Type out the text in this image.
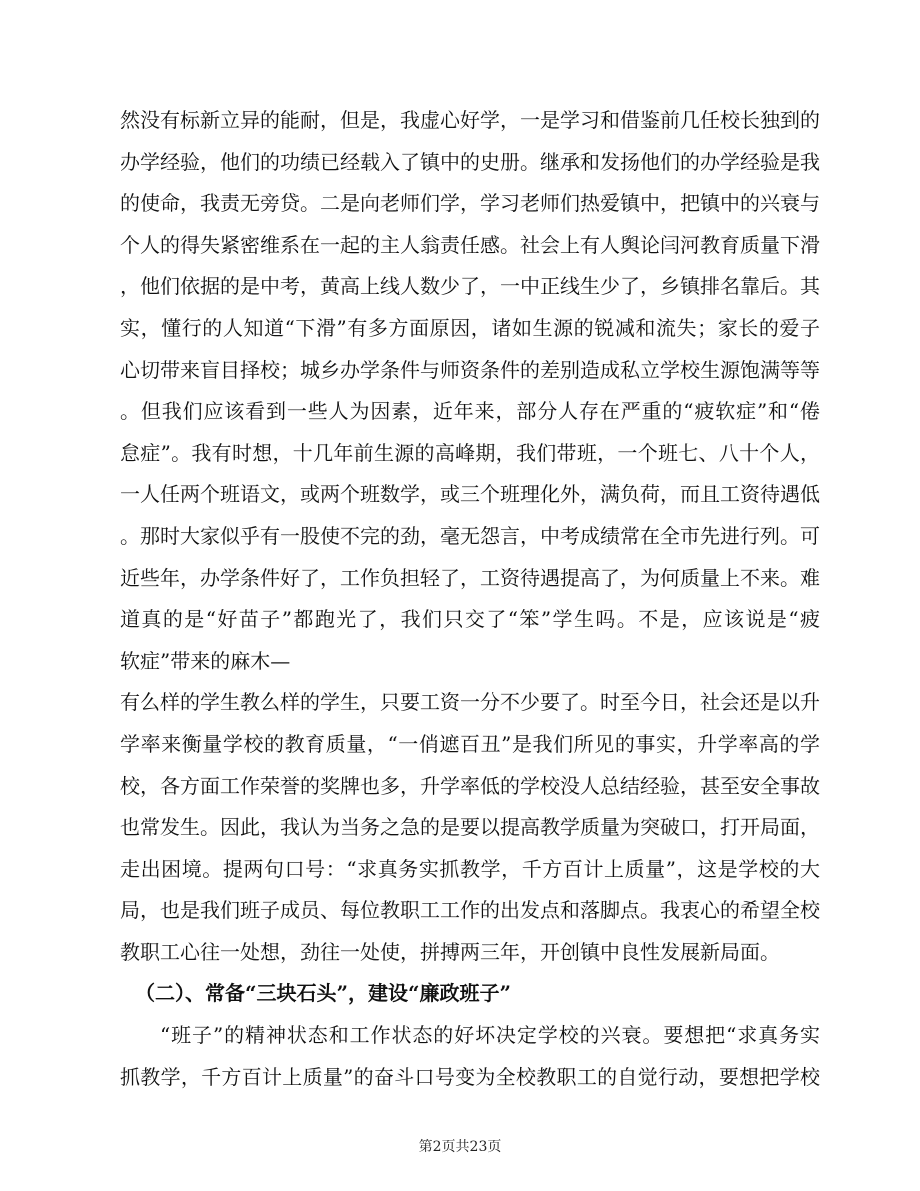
然没有标新立异的能耐，但是，我虚心好学，一是学习和借鉴前几任校长独到的
办学经验，他们的功绩已经载入了镇中的史册。继承和发扬他们的办学经验是我
的使命，我责无旁贷。二是向老师们学，学习老师们热爱镇中，把镇中的兴衰与
个人的得失紧密维系在一起的主人翁责任感。社会上有人舆论闫河教育质量下滑
，他们依据的是中考，黄高上线人数少了，一中正线生少了，乡镇排名靠后。其
实，懂行的人知道“下滑”有多方面原因，诸如生源的锐减和流失；家长的爱子
心切带来盲目择校；城乡办学条件与师资条件的差别造成私立学校生源饱满等等
。但我们应该看到一些人为因素，近年来，部分人存在严重的“疲软症”和“倦
怠症”。我有时想，十几年前生源的高峰期，我们带班，一个班七、八十个人，
一人任两个班语文，或两个班数学，或三个班理化外，满负荷，而且工资待遇低
。那时大家似乎有一股使不完的劲，毫无怨言，中考成绩常在全市先进行列。可
近些年，办学条件好了，工作负担轻了，工资待遇提高了，为何质量上不来。难
道真的是“好苗子”都跑光了，我们只交了“笨”学生吗。不是，应该说是“疲
软症”带来的麻木—
有么样的学生教么样的学生，只要工资一分不少要了。时至今日，社会还是以升
学率来衡量学校的教育质量，“一俏遮百丑”是我们所见的事实，升学率高的学
校，各方面工作荣誉的奖牌也多，升学率低的学校没人总结经验，甚至安全事故
也常发生。因此，我认为当务之急的是要以提高教学质量为突破口，打开局面，
走出困境。提两句口号：“求真务实抓教学，千方百计上质量”，这是学校的大
局，也是我们班子成员、每位教职工工作的出发点和落脚点。我衷心的希望全校
教职工心往一处想，劲往一处使，拼搏两三年，开创镇中良性发展新局面。
（二）、常备“三块石头”，建设“廉政班子”
“班子”的精神状态和工作状态的好坏决定学校的兴衰。要想把“求真务实
抓教学，千方百计上质量”的奋斗口号变为全校教职工的自觉行动，要想把学校
第2页共23页
